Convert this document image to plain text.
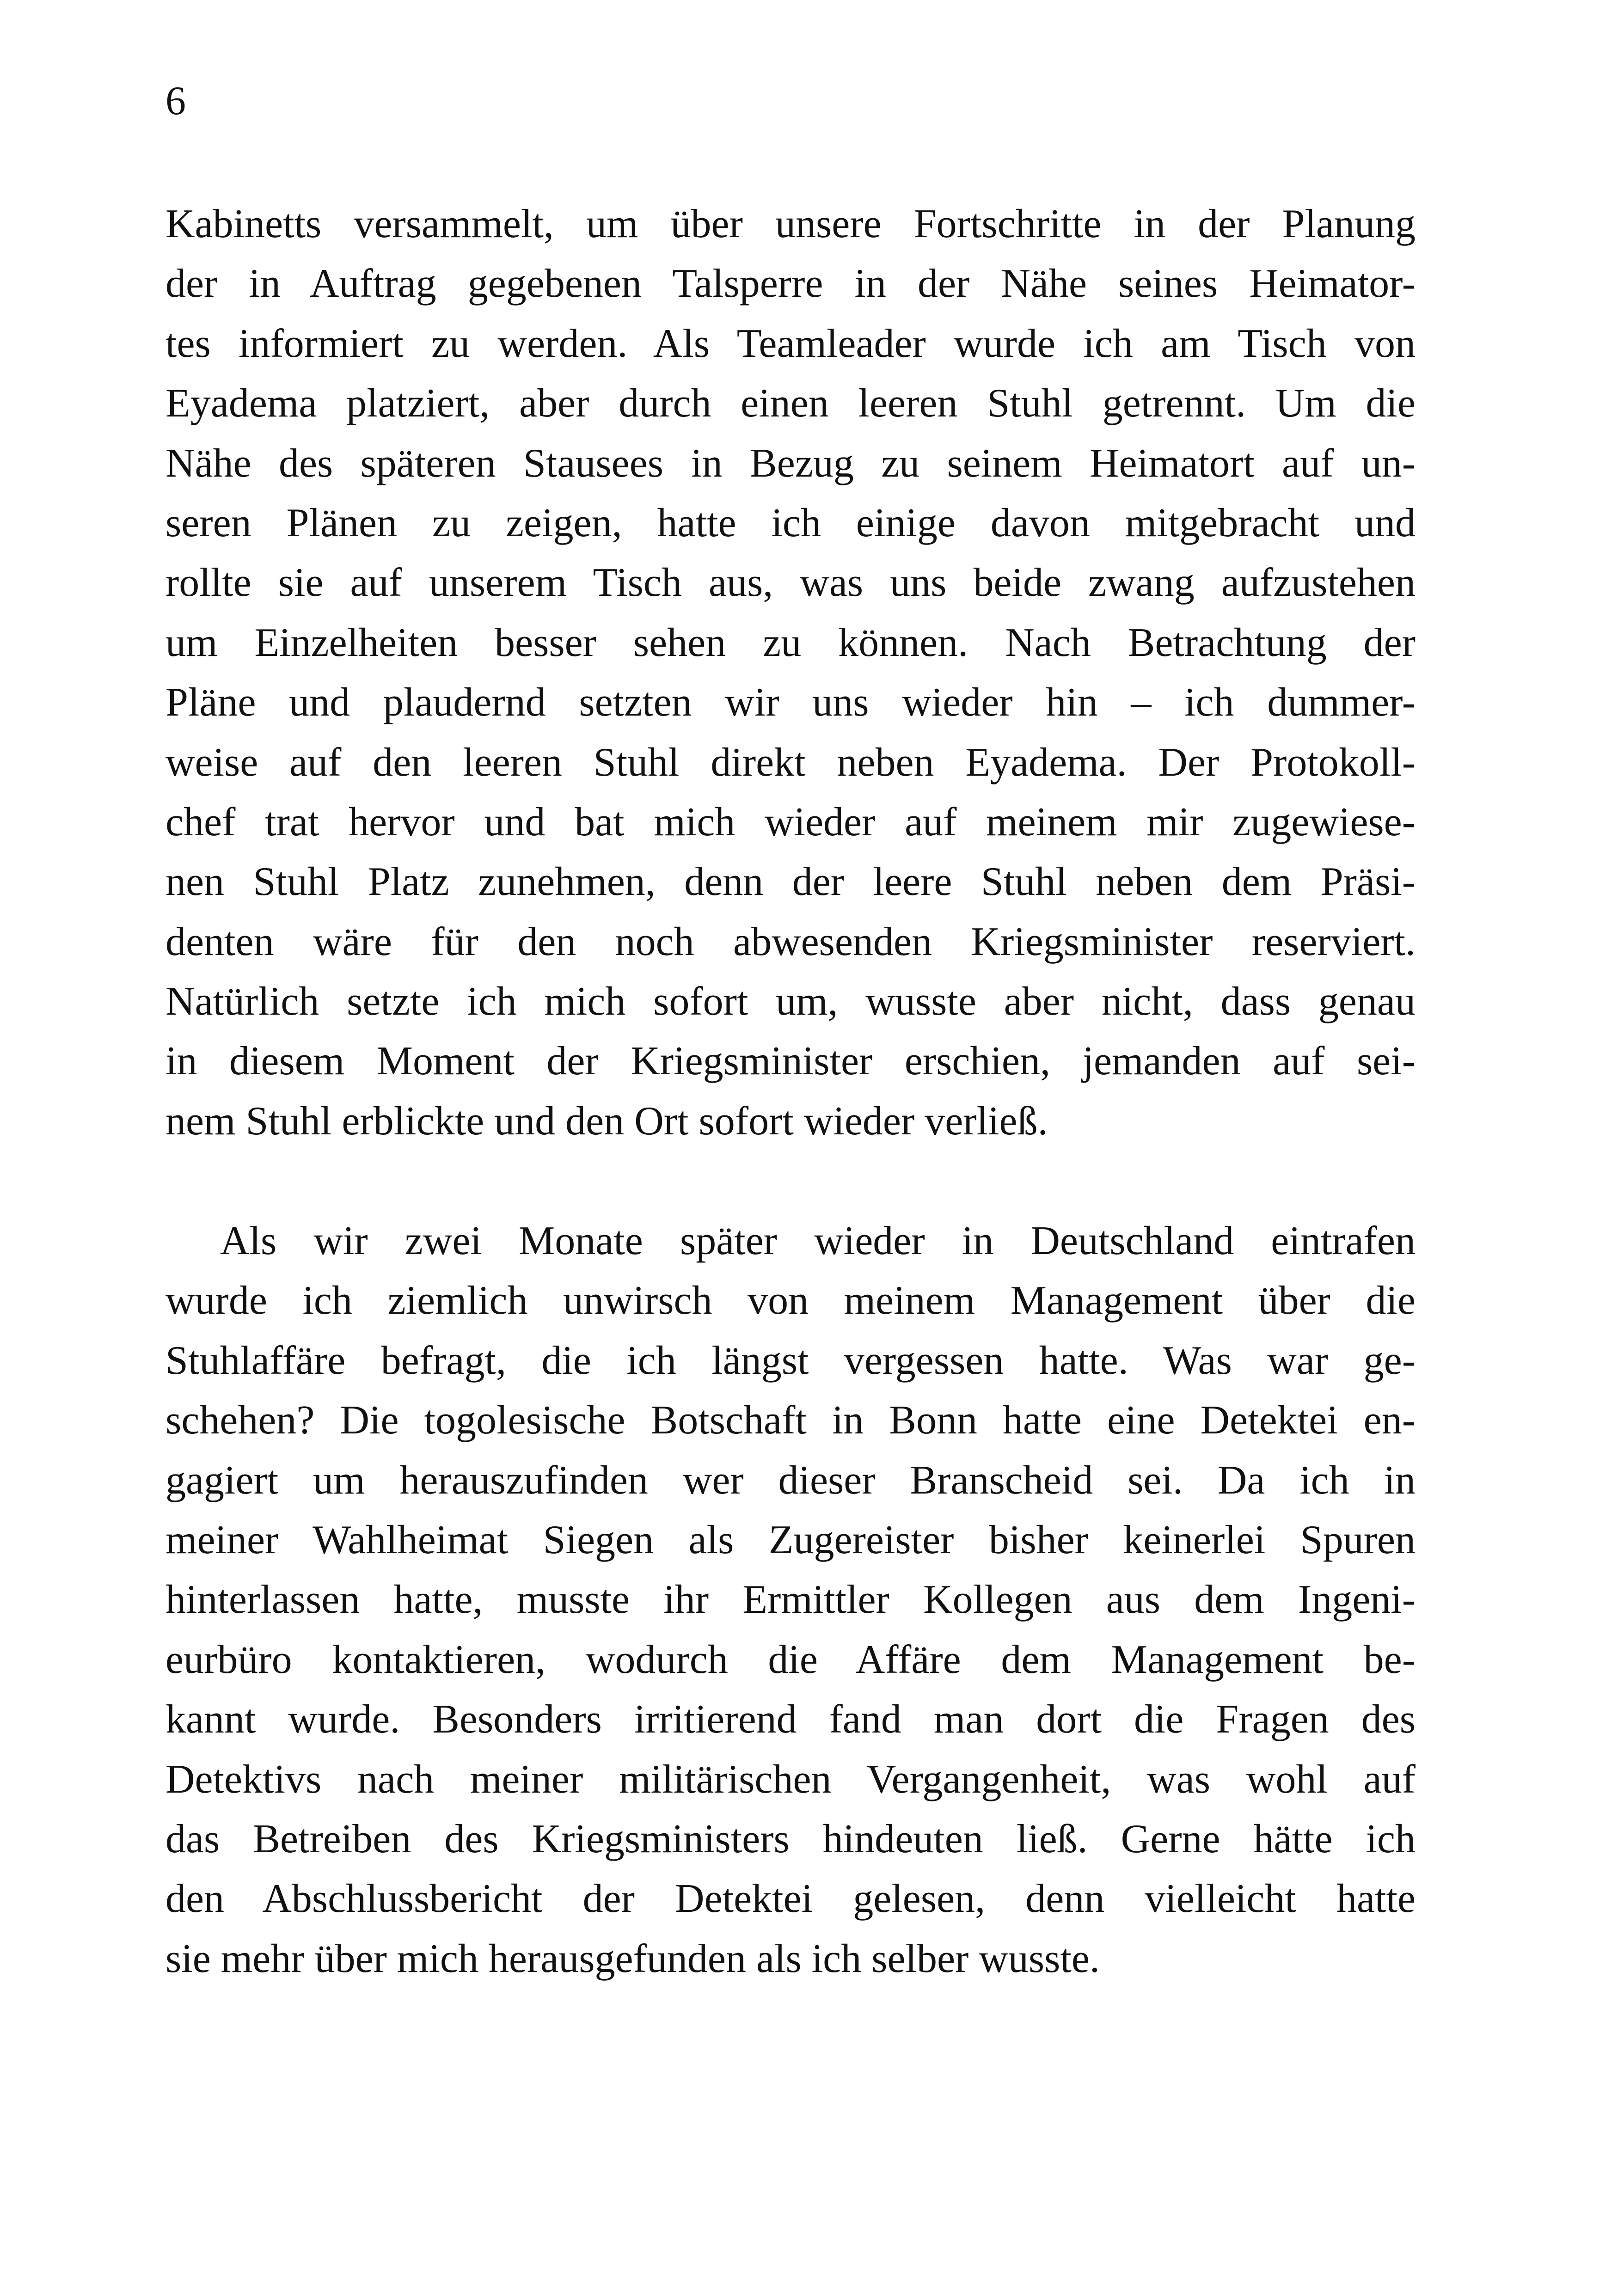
6
Kabinetts versammelt, um über unsere Fortschritte in der Planung
der in Auftrag gegebenen Talsperre in der Nähe seines Heimator-
tes informiert zu werden. Als Teamleader wurde ich am Tisch von
Eyadema platziert, aber durch einen leeren Stuhl getrennt. Um die
Nähe des späteren Stausees in Bezug zu seinem Heimatort auf un-
seren Plänen zu zeigen, hatte ich einige davon mitgebracht und
rollte sie auf unserem Tisch aus, was uns beide zwang aufzustehen
um Einzelheiten besser sehen zu können. Nach Betrachtung der
Pläne und plaudernd setzten wir uns wieder hin – ich dummer-
weise auf den leeren Stuhl direkt neben Eyadema. Der Protokoll-
chef trat hervor und bat mich wieder auf meinem mir zugewiese-
nen Stuhl Platz zunehmen, denn der leere Stuhl neben dem Präsi-
denten wäre für den noch abwesenden Kriegsminister reserviert.
Natürlich setzte ich mich sofort um, wusste aber nicht, dass genau
in diesem Moment der Kriegsminister erschien, jemanden auf sei-
nem Stuhl erblickte und den Ort sofort wieder verließ.
Als wir zwei Monate später wieder in Deutschland eintrafen
wurde ich ziemlich unwirsch von meinem Management über die
Stuhlaffäre befragt, die ich längst vergessen hatte. Was war ge-
schehen? Die togolesische Botschaft in Bonn hatte eine Detektei en-
gagiert um herauszufinden wer dieser Branscheid sei. Da ich in
meiner Wahlheimat Siegen als Zugereister bisher keinerlei Spuren
hinterlassen hatte, musste ihr Ermittler Kollegen aus dem Ingeni-
eurbüro kontaktieren, wodurch die Affäre dem Management be-
kannt wurde. Besonders irritierend fand man dort die Fragen des
Detektivs nach meiner militärischen Vergangenheit, was wohl auf
das Betreiben des Kriegsministers hindeuten ließ. Gerne hätte ich
den Abschlussbericht der Detektei gelesen, denn vielleicht hatte
sie mehr über mich herausgefunden als ich selber wusste.
